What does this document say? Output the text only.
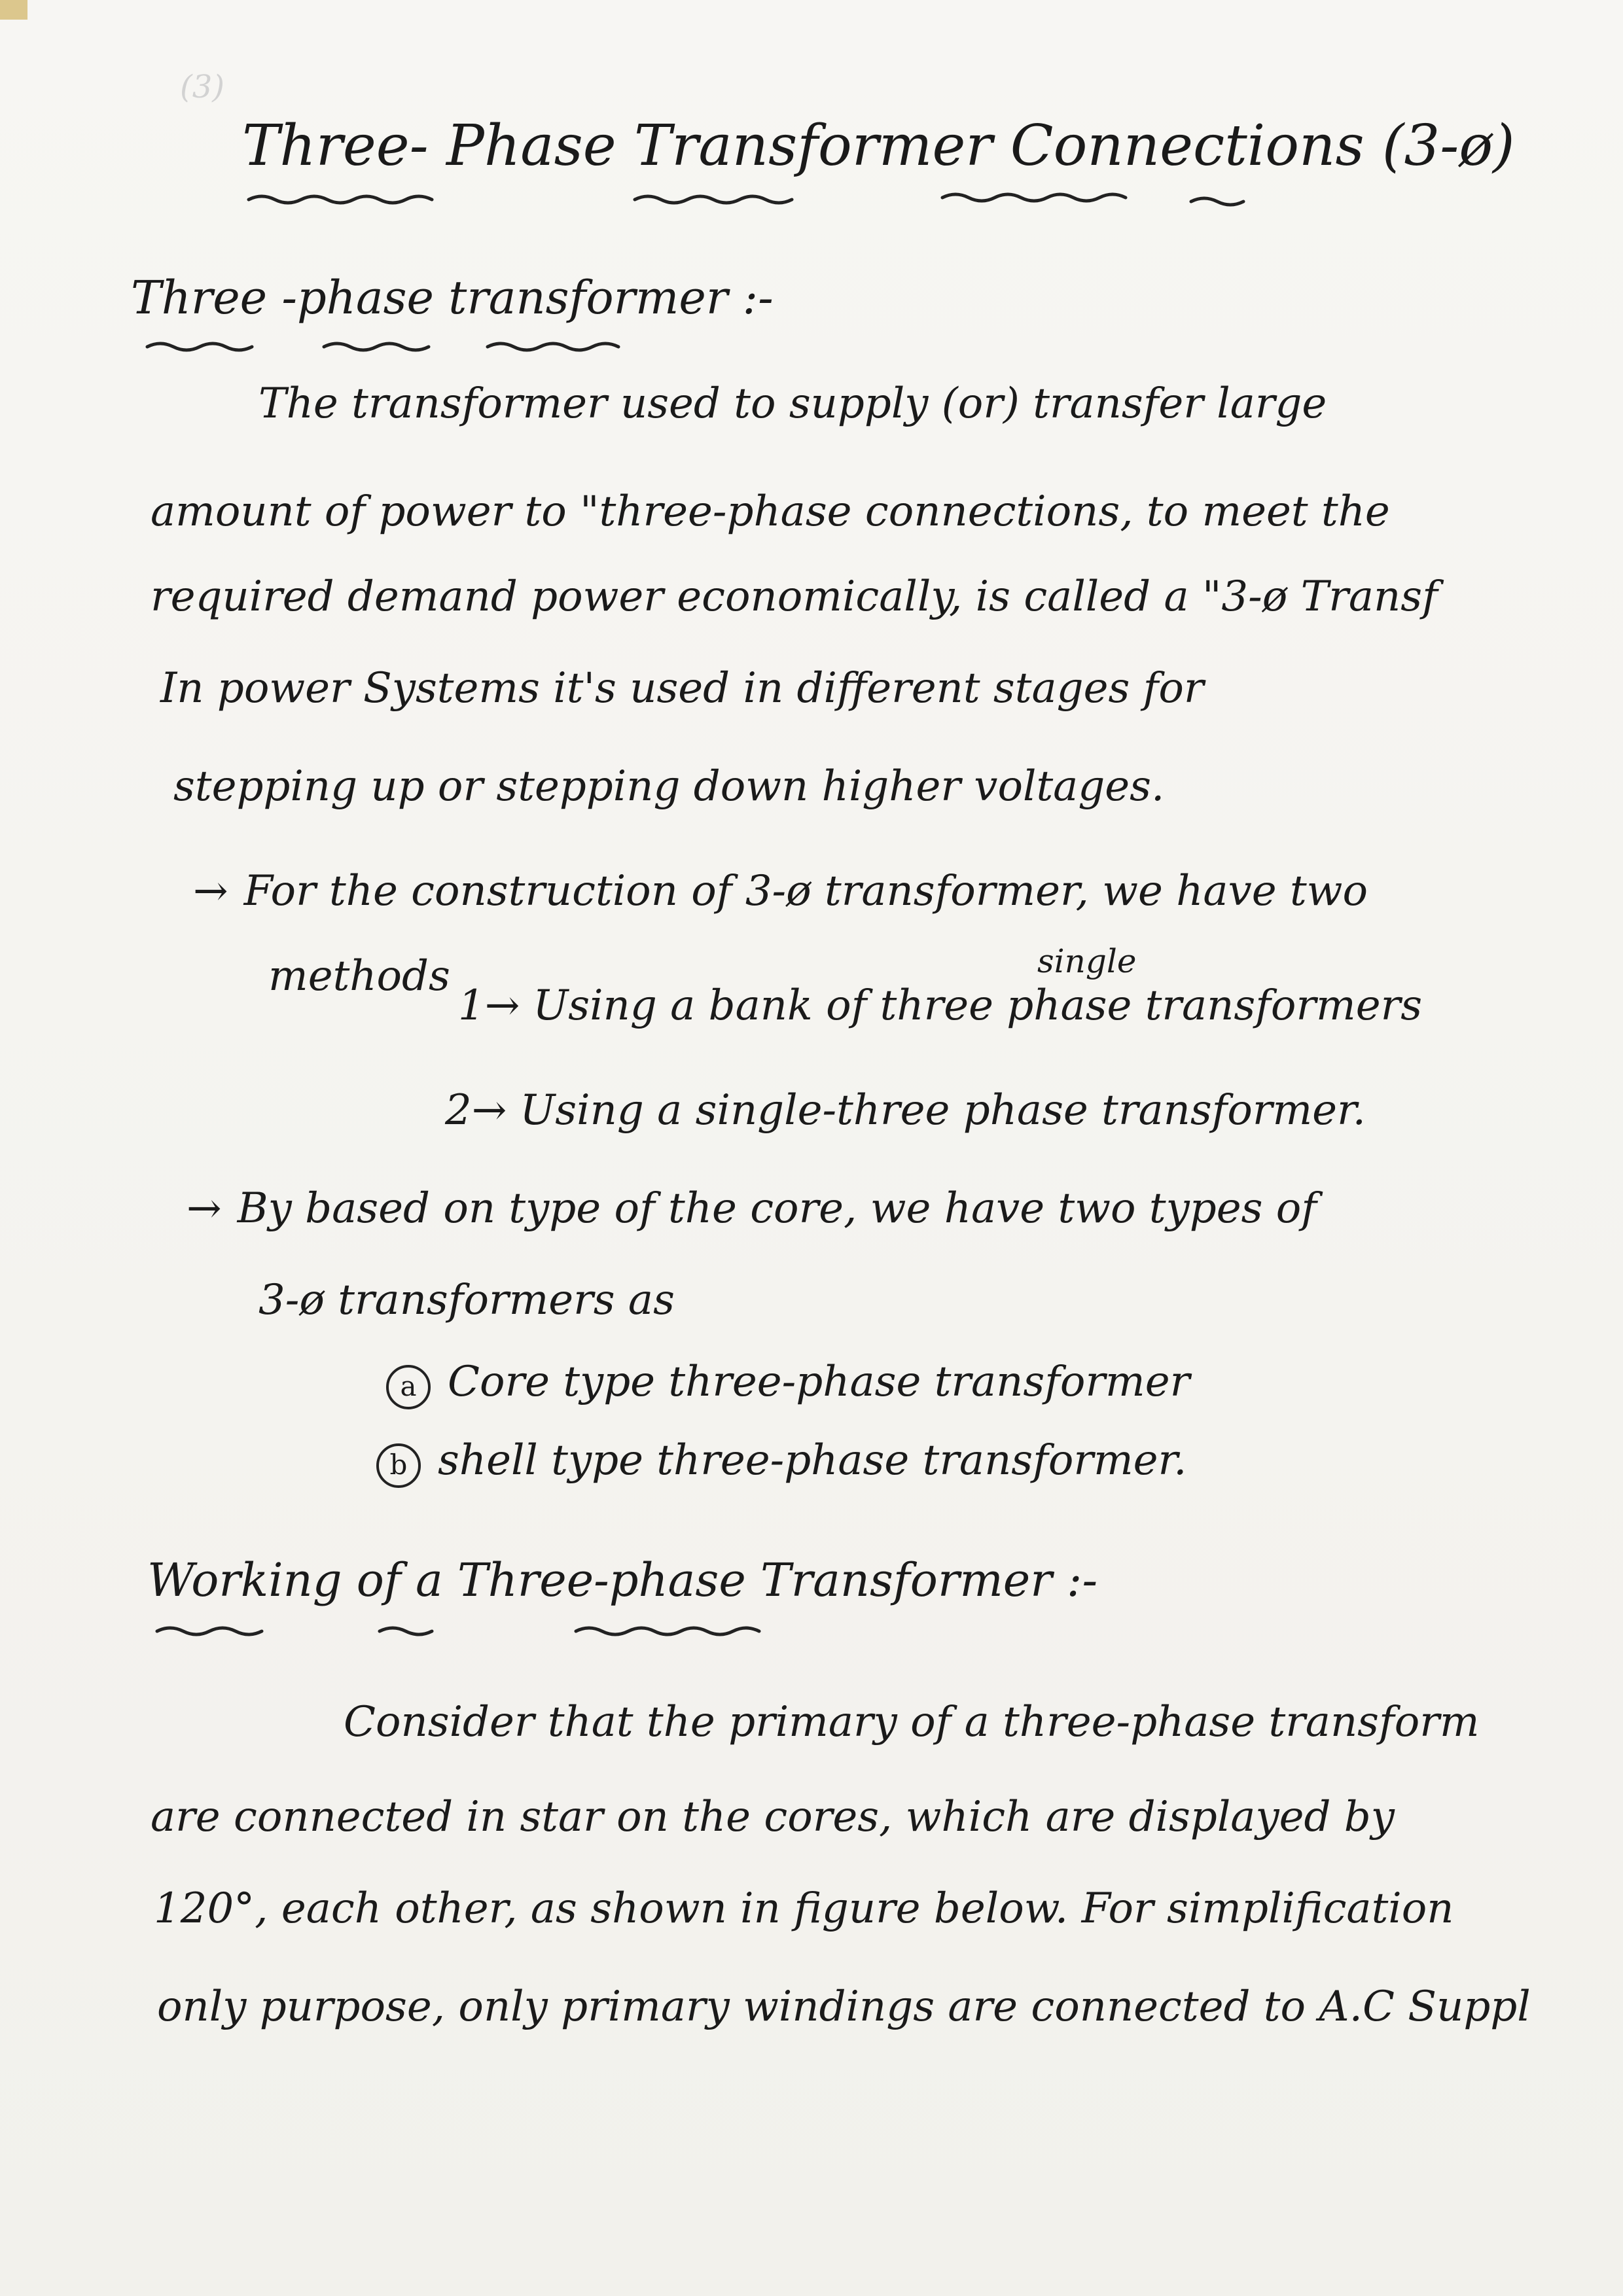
(3)
Three- Phase Transformer Connections (3-ø)
Three -phase transformer :-
The transformer used to supply (or) transfer large
amount of power to "three-phase connections, to meet the
required demand power economically, is called a "3-ø Transf
In power Systems it's used in different stages for
stepping up or stepping down higher voltages.
→ For the construction of 3-ø transformer, we have two
methods	single
1→ Using a bank of three phase transformers
2→ Using a single-three phase transformer.
→ By based on type of the core, we have two types of
3-ø transformers as
a Core type three-phase transformer
b shell type three-phase transformer.
Working of a Three-phase Transformer :-
Consider that the primary of a three-phase transform
are connected in star on the cores, which are displayed by
120°, each other, as shown in figure below. For simplification
only purpose, only primary windings are connected to A.C Suppl
